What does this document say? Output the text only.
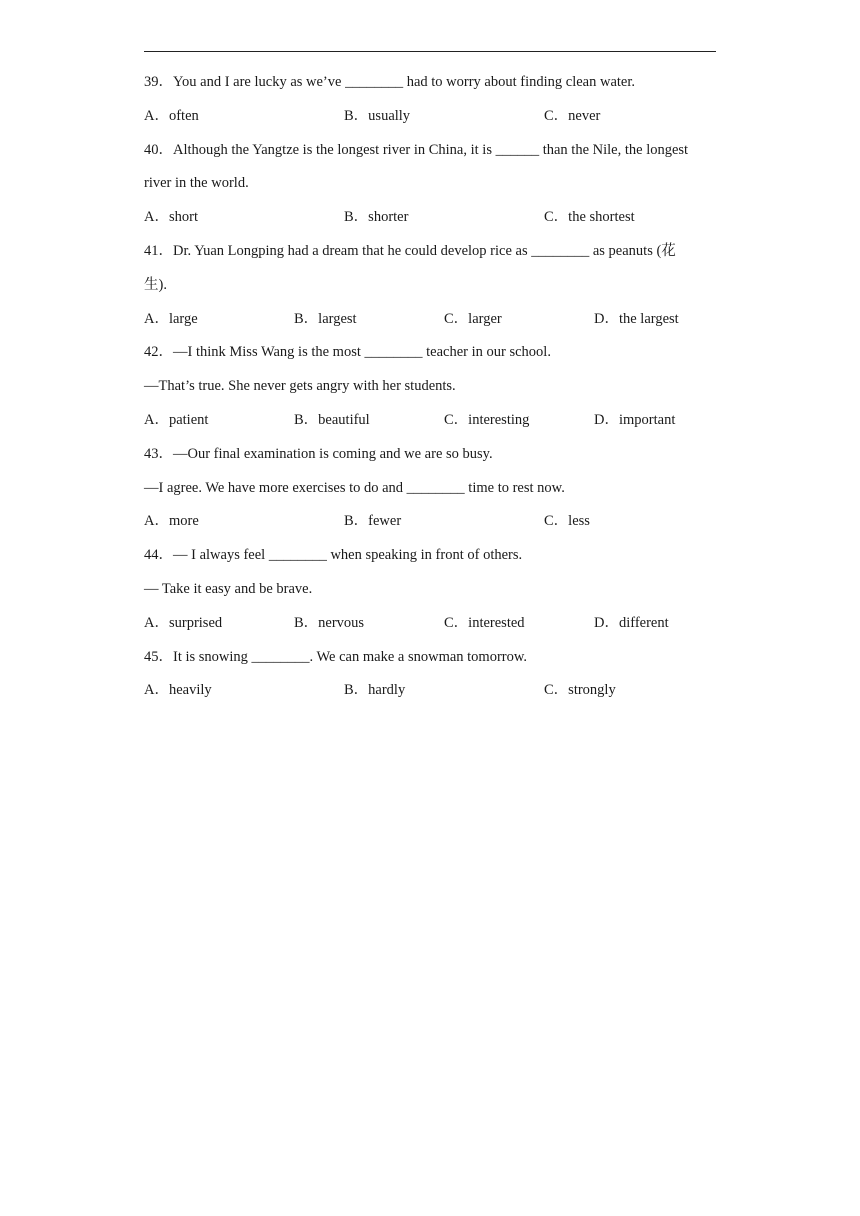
39．You and I are lucky as we’ve ________ had to worry about finding clean water.
A．often	B．usually	C．never
40．Although the Yangtze is the longest river in China, it is ______ than the Nile, the longest
river in the world.
A．short	B．shorter	C．the shortest
41．Dr. Yuan Longping had a dream that he could develop rice as ________ as peanuts (花
生).
A．large	B．largest	C．larger	D．the largest
42．—I think Miss Wang is the most ________ teacher in our school.
—That’s true. She never gets angry with her students.
A．patient	B．beautiful	C．interesting	D．important
43．—Our final examination is coming and we are so busy.
—I agree. We have more exercises to do and ________ time to rest now.
A．more	B．fewer	C．less
44．— I always feel ________ when speaking in front of others.
— Take it easy and be brave.
A．surprised	B．nervous	C．interested	D．different
45．It is snowing ________. We can make a snowman tomorrow.
A．heavily	B．hardly	C．strongly
